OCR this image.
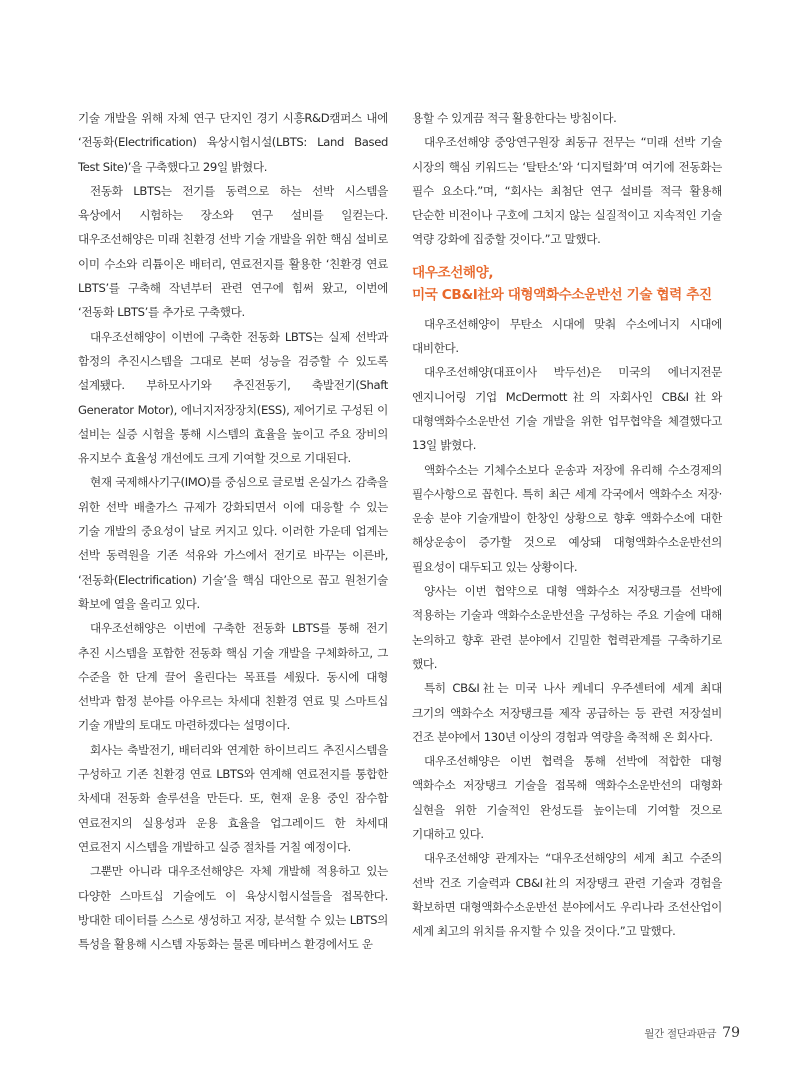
기술 개발을 위해 자체 연구 단지인 경기 시흥R&D캠퍼스 내에 ‘전동화(Electrification) 육상시험시설(LBTS: Land Based Test Site)’을 구축했다고 29일 밝혔다.

전동화 LBTS는 전기를 동력으로 하는 선박 시스템을 육상에서 시험하는 장소와 연구 설비를 일컫는다. 대우조선해양은 미래 친환경 선박 기술 개발을 위한 핵심 설비로 이미 수소와 리튬이온 배터리, 연료전지를 활용한 ‘친환경 연료 LBTS’를 구축해 작년부터 관련 연구에 힘써 왔고, 이번에 ‘전동화 LBTS’를 추가로 구축했다.

대우조선해양이 이번에 구축한 전동화 LBTS는 실제 선박과 함정의 추진시스템을 그대로 본떠 성능을 검증할 수 있도록 설계됐다. 부하모사기와 추진전동기, 축발전기(Shaft Generator Motor), 에너지저장장치(ESS), 제어기로 구성된 이 설비는 실증 시험을 통해 시스템의 효율을 높이고 주요 장비의 유지보수 효율성 개선에도 크게 기여할 것으로 기대된다.

현재 국제해사기구(IMO)를 중심으로 글로벌 온실가스 감축을 위한 선박 배출가스 규제가 강화되면서 이에 대응할 수 있는 기술 개발의 중요성이 날로 커지고 있다. 이러한 가운데 업계는 선박 동력원을 기존 석유와 가스에서 전기로 바꾸는 이른바, ‘전동화(Electrification) 기술’을 핵심 대안으로 꼽고 원천기술 확보에 열을 올리고 있다.

대우조선해양은 이번에 구축한 전동화 LBTS를 통해 전기 추진 시스템을 포함한 전동화 핵심 기술 개발을 구체화하고, 그 수준을 한 단계 끌어 올린다는 목표를 세웠다. 동시에 대형 선박과 함정 분야를 아우르는 차세대 친환경 연료 및 스마트십 기술 개발의 토대도 마련하겠다는 설명이다.

회사는 축발전기, 배터리와 연계한 하이브리드 추진시스템을 구성하고 기존 친환경 연료 LBTS와 연계해 연료전지를 통합한 차세대 전동화 솔루션을 만든다. 또, 현재 운용 중인 잠수함 연료전지의 실용성과 운용 효율을 업그레이드 한 차세대 연료전지 시스템을 개발하고 실증 절차를 거칠 예정이다.

그뿐만 아니라 대우조선해양은 자체 개발해 적용하고 있는 다양한 스마트십 기술에도 이 육상시험시설들을 접목한다. 방대한 데이터를 스스로 생성하고 저장, 분석할 수 있는 LBTS의 특성을 활용해 시스템 자동화는 물론 메타버스 환경에서도 운

용할 수 있게끔 적극 활용한다는 방침이다.

대우조선해양 중앙연구원장 최동규 전무는 “미래 선박 기술 시장의 핵심 키워드는 ‘탈탄소’와 ‘디지털화’며 여기에 전동화는 필수 요소다.”며, “회사는 최첨단 연구 설비를 적극 활용해 단순한 비전이나 구호에 그치지 않는 실질적이고 지속적인 기술 역량 강화에 집중할 것이다.”고 말했다.

대우조선해양,
미국 CB&I社와 대형액화수소운반선 기술 협력 추진

대우조선해양이 무탄소 시대에 맞춰 수소에너지 시대에 대비한다.

대우조선해양(대표이사 박두선)은 미국의 에너지전문 엔지니어링 기업 McDermott社의 자회사인 CB&I社와 대형액화수소운반선 기술 개발을 위한 업무협약을 체결했다고 13일 밝혔다.

액화수소는 기체수소보다 운송과 저장에 유리해 수소경제의 필수사항으로 꼽힌다. 특히 최근 세계 각국에서 액화수소 저장·운송 분야 기술개발이 한창인 상황으로 향후 액화수소에 대한 해상운송이 증가할 것으로 예상돼 대형액화수소운반선의 필요성이 대두되고 있는 상황이다.

양사는 이번 협약으로 대형 액화수소 저장탱크를 선박에 적용하는 기술과 액화수소운반선을 구성하는 주요 기술에 대해 논의하고 향후 관련 분야에서 긴밀한 협력관계를 구축하기로 했다.

특히 CB&I社는 미국 나사 케네디 우주센터에 세계 최대 크기의 액화수소 저장탱크를 제작 공급하는 등 관련 저장설비 건조 분야에서 130년 이상의 경험과 역량을 축적해 온 회사다.

대우조선해양은 이번 협력을 통해 선박에 적합한 대형 액화수소 저장탱크 기술을 접목해 액화수소운반선의 대형화 실현을 위한 기술적인 완성도를 높이는데 기여할 것으로 기대하고 있다.

대우조선해양 관계자는 “대우조선해양의 세계 최고 수준의 선박 건조 기술력과 CB&I社의 저장탱크 관련 기술과 경험을 확보하면 대형액화수소운반선 분야에서도 우리나라 조선산업이 세계 최고의 위치를 유지할 수 있을 것이다.”고 말했다.

월간 절단과판금 79
